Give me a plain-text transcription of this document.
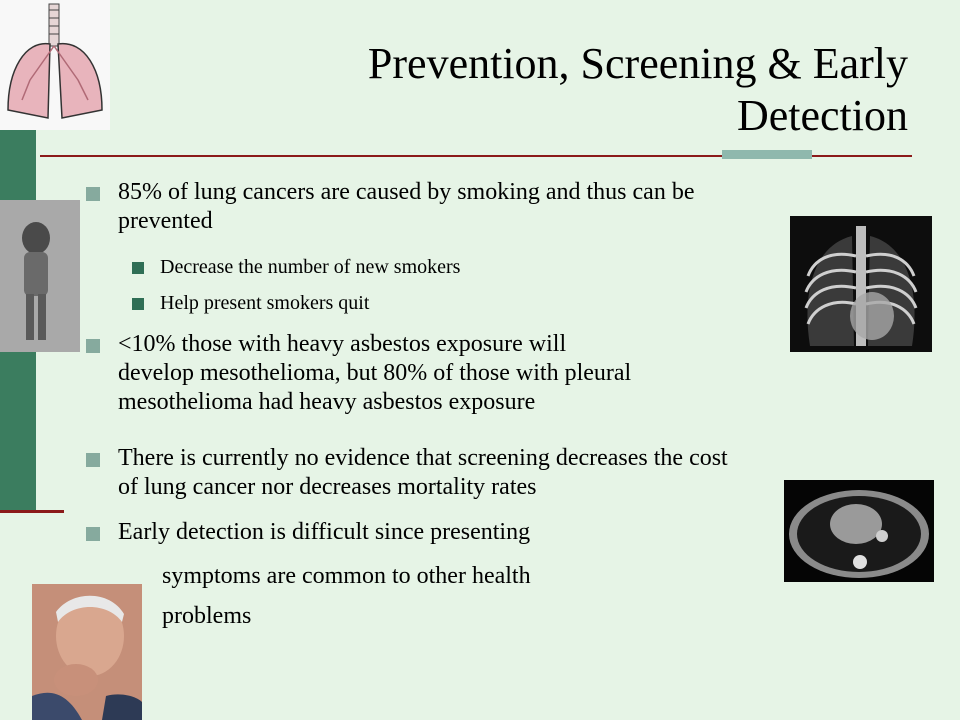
Prevention, Screening & Early
Detection
85% of lung cancers are caused by smoking and thus can be
prevented
Decrease the number of new smokers
Help present smokers quit
<10% those with heavy asbestos exposure will
develop mesothelioma, but 80% of those with pleural
mesothelioma had heavy asbestos exposure
There is currently no evidence that screening decreases the cost
of lung cancer nor decreases mortality rates
Early detection is difficult since presenting
symptoms are common to other health
problems
